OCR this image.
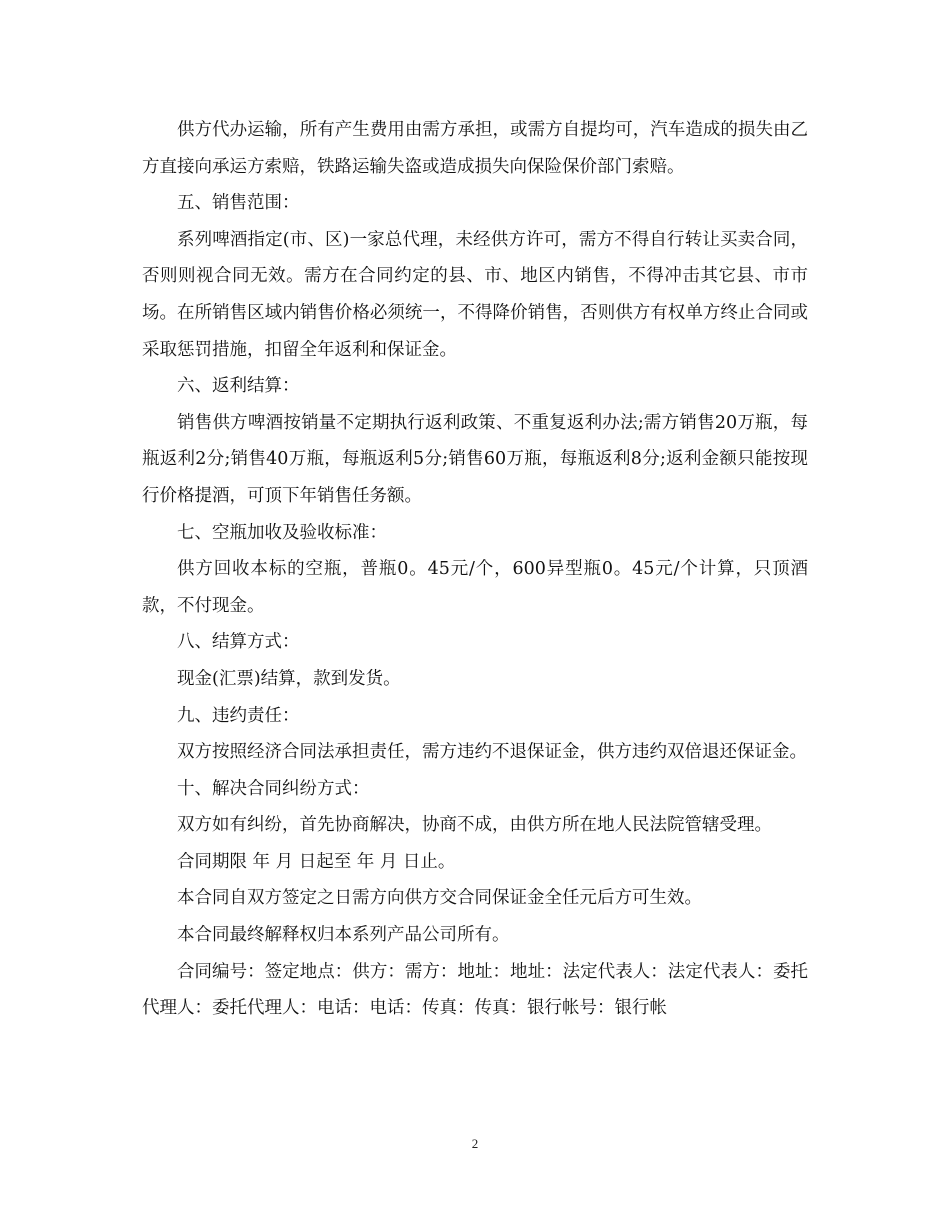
供方代办运输，所有产生费用由需方承担，或需方自提均可，汽车造成的损失由乙方直接向承运方索赔，铁路运输失盗或造成损失向保险保价部门索赔。

五、销售范围：

系列啤酒指定(市、区)一家总代理，未经供方许可，需方不得自行转让买卖合同，否则则视合同无效。需方在合同约定的县、市、地区内销售，不得冲击其它县、市市场。在所销售区域内销售价格必须统一，不得降价销售，否则供方有权单方终止合同或采取惩罚措施，扣留全年返利和保证金。

六、返利结算：

销售供方啤酒按销量不定期执行返利政策、不重复返利办法;需方销售20万瓶，每瓶返利2分;销售40万瓶，每瓶返利5分;销售60万瓶，每瓶返利8分;返利金额只能按现行价格提酒，可顶下年销售任务额。

七、空瓶加收及验收标准：

供方回收本标的空瓶，普瓶0。45元/个，600异型瓶0。45元/个计算，只顶酒款，不付现金。

八、结算方式：

现金(汇票)结算，款到发货。

九、违约责任：

双方按照经济合同法承担责任，需方违约不退保证金，供方违约双倍退还保证金。

十、解决合同纠纷方式：

双方如有纠纷，首先协商解决，协商不成，由供方所在地人民法院管辖受理。

合同期限 年 月 日起至 年 月 日止。

本合同自双方签定之日需方向供方交合同保证金全任元后方可生效。

本合同最终解释权归本系列产品公司所有。

合同编号：签定地点：供方：需方：地址：地址：法定代表人：法定代表人：委托代理人：委托代理人：电话：电话：传真：传真：银行帐号：银行帐

2
